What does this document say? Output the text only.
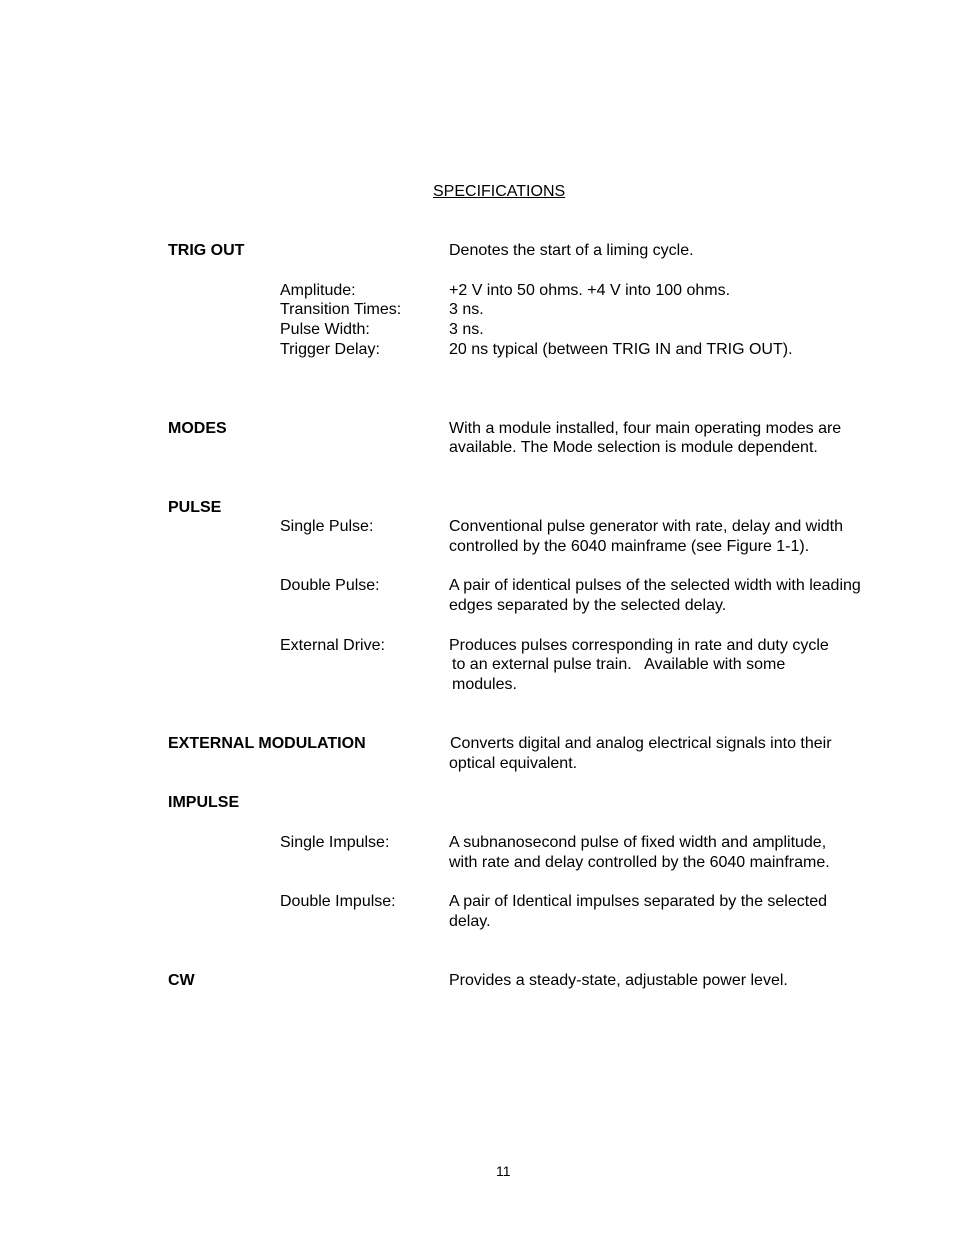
SPECIFICATIONS
TRIG OUT	Denotes the start of a liming cycle.
Amplitude:	+2 V into 50 ohms. +4 V into 100 ohms.
Transition Times:	3 ns.
Pulse Width:	3 ns.
Trigger Delay:	20 ns typical (between TRIG IN and TRIG OUT).
MODES	With a module installed, four main operating modes are
available. The Mode selection is module dependent.
PULSE
Single Pulse:	Conventional pulse generator with rate, delay and width
controlled by the 6040 mainframe (see Figure 1-1).
Double Pulse:	A pair of identical pulses of the selected width with leading
edges separated by the selected delay.
External Drive:	Produces pulses corresponding in rate and duty cycle
to an external pulse train.   Available with some
modules.
EXTERNAL MODULATION	Converts digital and analog electrical signals into their
optical equivalent.
IMPULSE
Single Impulse:	A subnanosecond pulse of fixed width and amplitude,
with rate and delay controlled by the 6040 mainframe.
Double Impulse:	A pair of Identical impulses separated by the selected
delay.
CW	Provides a steady-state, adjustable power level.
11
